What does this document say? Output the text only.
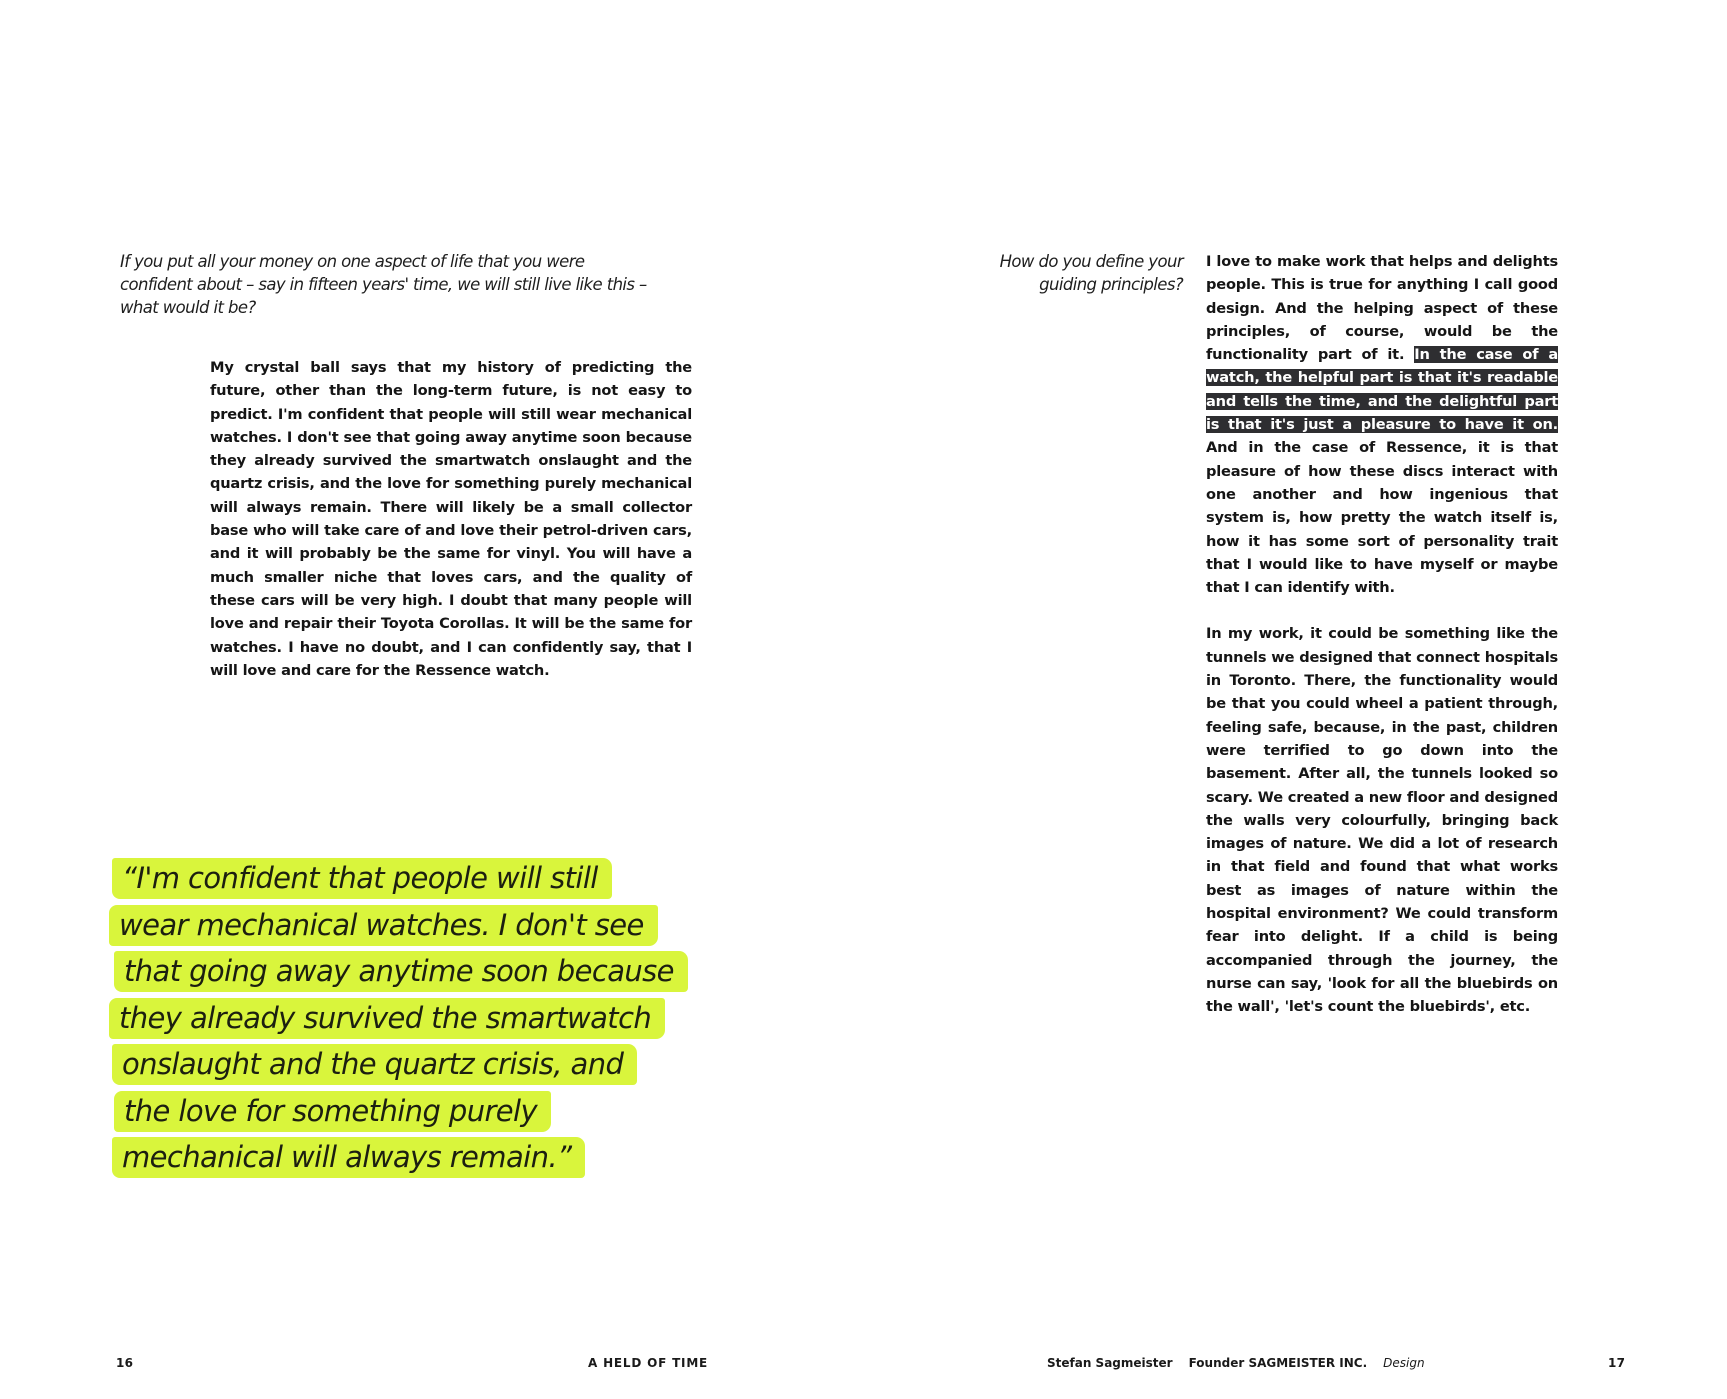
If you put all your money on one aspect of life that you were
confident about – say in fifteen years' time, we will still live like this –
what would it be?

My crystal ball says that my history of predicting the future, other than the long-term future, is not easy to predict. I'm confident that people will still wear mechanical watches. I don't see that going away anytime soon because they already survived the smartwatch onslaught and the quartz crisis, and the love for something purely mechanical will always remain. There will likely be a small collector base who will take care of and love their petrol-driven cars, and it will probably be the same for vinyl. You will have a much smaller niche that loves cars, and the quality of these cars will be very high. I doubt that many people will love and repair their Toyota Corollas. It will be the same for watches. I have no doubt, and I can confidently say, that I will love and care for the Ressence watch.

“I'm confident that people will still
wear mechanical watches. I don't see
that going away anytime soon because
they already survived the smartwatch
onslaught and the quartz crisis, and
the love for something purely
mechanical will always remain.”
How do you define your
guiding principles?

I love to make work that helps and delights people. This is true for anything I call good design. And the helping aspect of these principles, of course, would be the functionality part of it. In the case of a watch, the helpful part is that it's readable and tells the time, and the delightful part is that it's just a pleasure to have it on. And in the case of Ressence, it is that pleasure of how these discs interact with one another and how ingenious that system is, how pretty the watch itself is, how it has some sort of personality trait that I would like to have myself or maybe that I can identify with.

In my work, it could be something like the tunnels we designed that connect hospitals in Toronto. There, the functionality would be that you could wheel a patient through, feeling safe, because, in the past, children were terrified to go down into the basement. After all, the tunnels looked so scary. We created a new floor and designed the walls very colourfully, bringing back images of nature. We did a lot of research in that field and found that what works best as images of nature within the hospital environment? We could transform fear into delight. If a child is being accompanied through the journey, the nurse can say, 'look for all the bluebirds on the wall', 'let's count the bluebirds', etc.

16	A HELD OF TIME	Stefan Sagmeister Founder SAGMEISTER INC. Design	17
